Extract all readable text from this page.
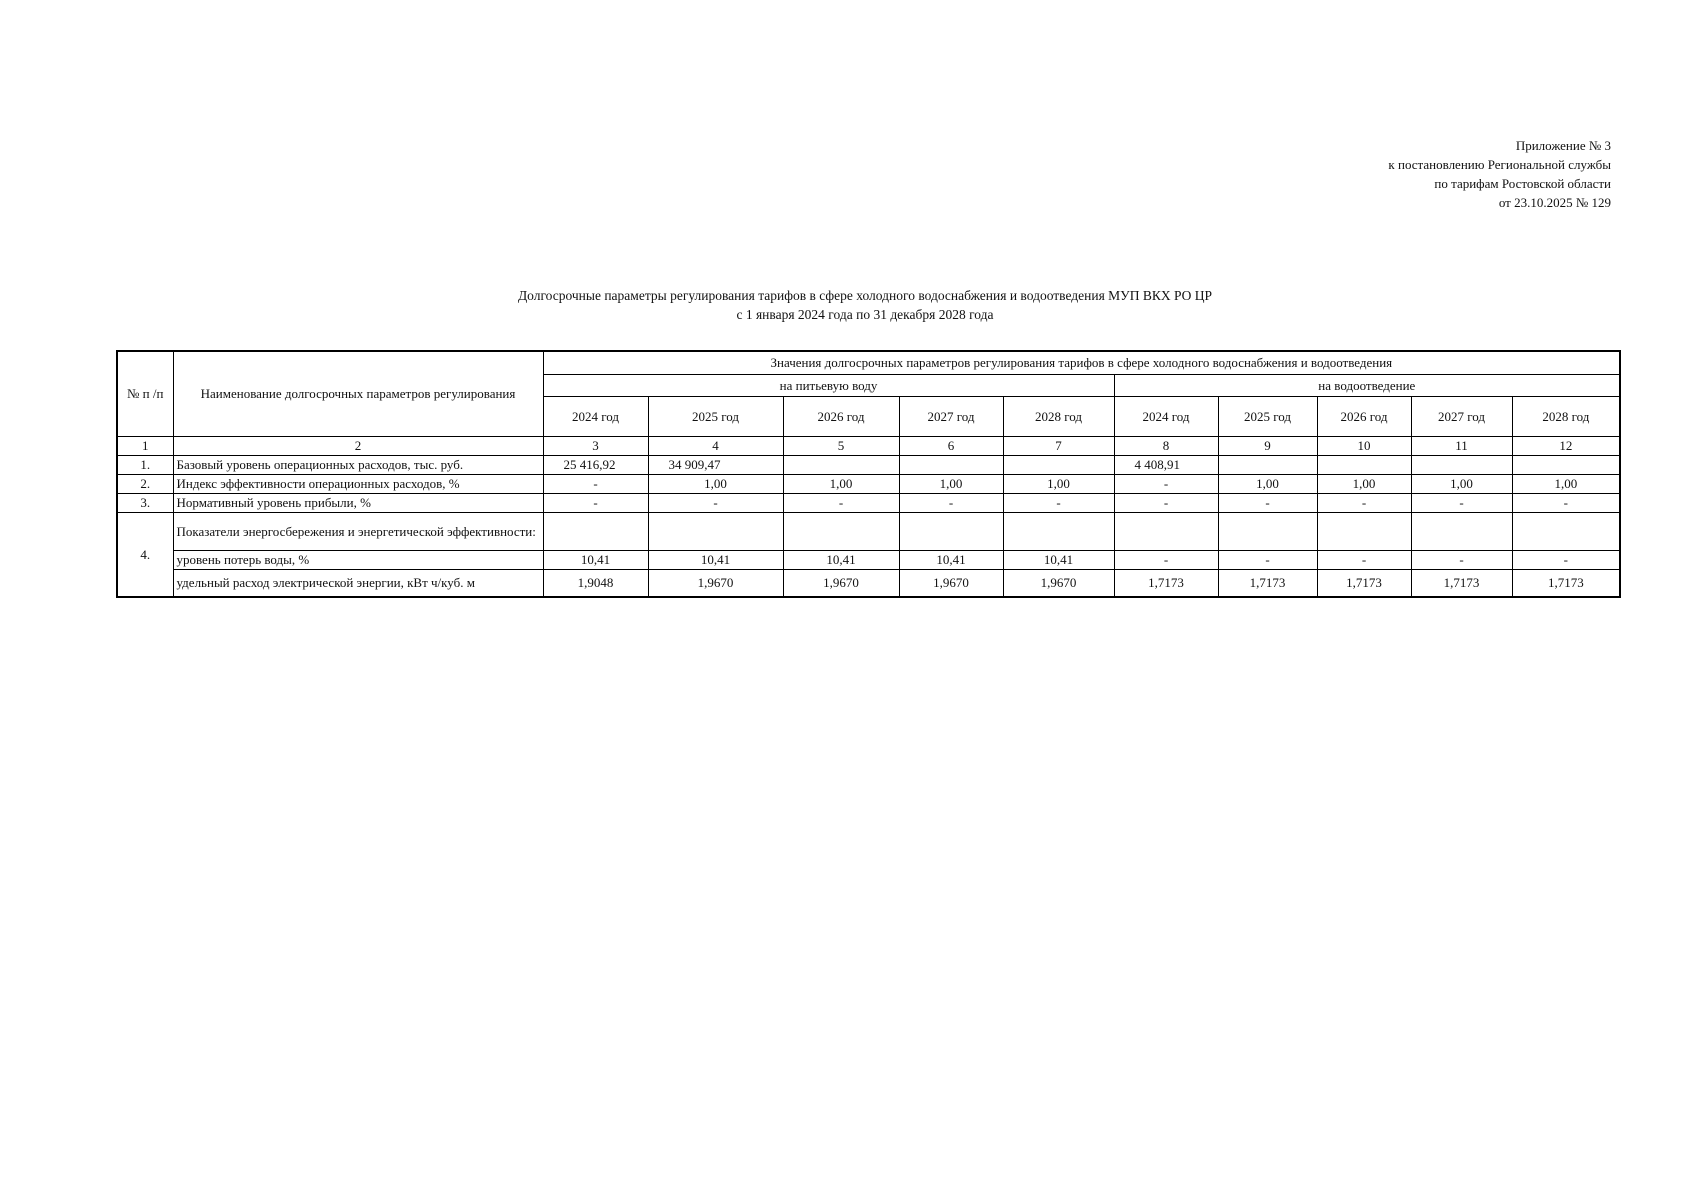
Приложение № 3
к постановлению Региональной службы
по тарифам Ростовской области
от 23.10.2025 № 129
Долгосрочные параметры регулирования тарифов в сфере холодного водоснабжения и водоотведения МУП ВКХ РО ЦР
с 1 января 2024 года по 31 декабря 2028 года
№ п /п	Наименование долгосрочных параметров регулирования	Значения долгосрочных параметров регулирования тарифов в сфере холодного водоснабжения и водоотведения									
		на питьевую воду					на водоотведение				
		2024 год	2025 год	2026 год	2027 год	2028 год	2024 год	2025 год	2026 год	2027 год	2028 год
1	2	3	4	5	6	7	8	9	10	11	12
1.	Базовый уровень операционных расходов, тыс. руб.	25 416,92	34 909,47				4 408,91				
2.	Индекс эффективности операционных расходов, %	-	1,00	1,00	1,00	1,00	-	1,00	1,00	1,00	1,00
3.	Нормативный уровень прибыли, %	-	-	-	-	-	-	-	-	-	-
4.	Показатели энергосбережения и энергетической эффективности:										
	уровень потерь воды, %	10,41	10,41	10,41	10,41	10,41	-	-	-	-	-
	удельный расход электрической энергии, кВт ч/куб. м	1,9048	1,9670	1,9670	1,9670	1,9670	1,7173	1,7173	1,7173	1,7173	1,7173
